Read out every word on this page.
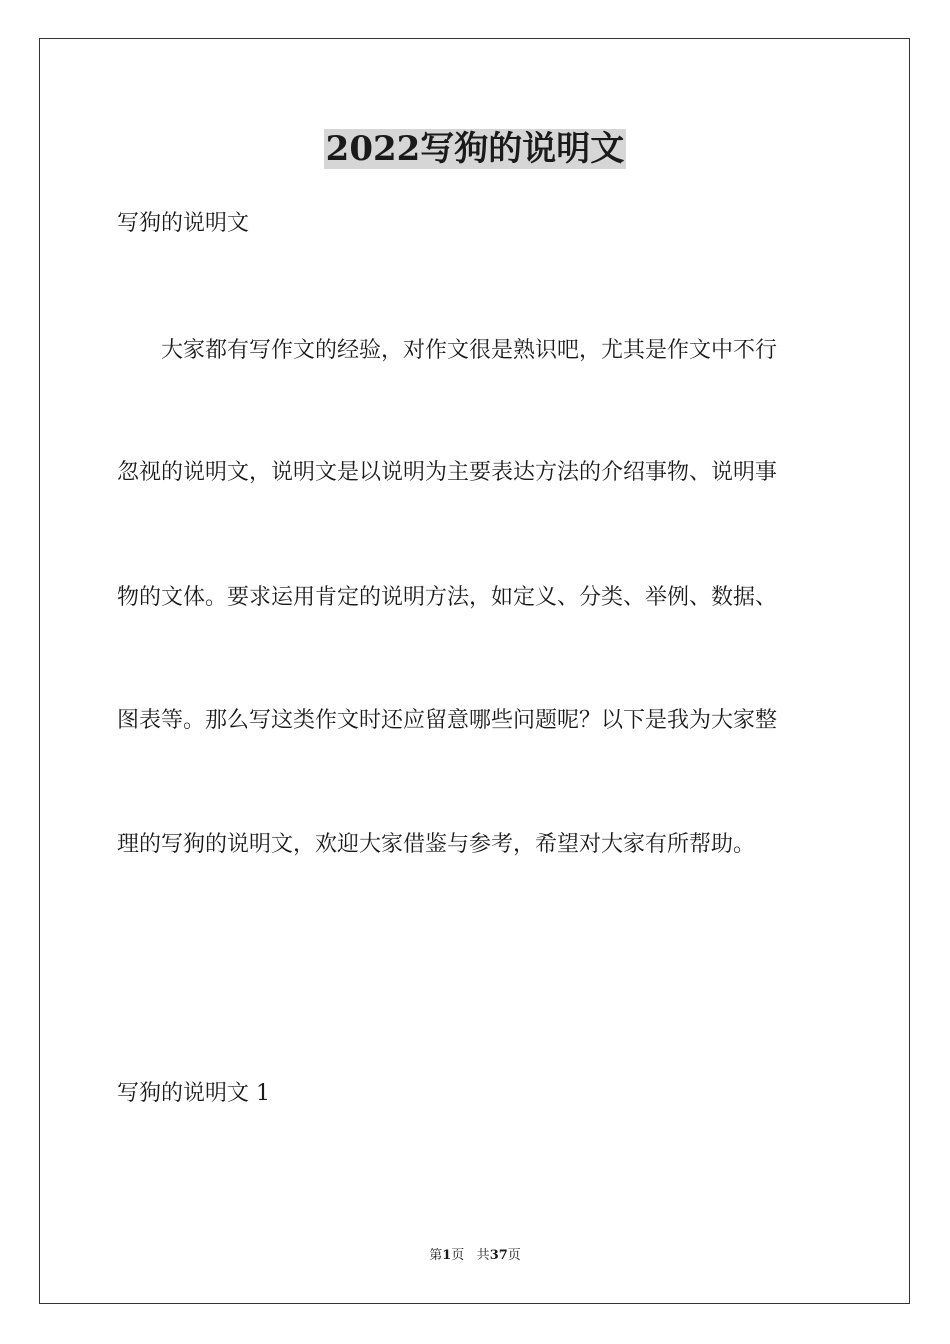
2022写狗的说明文

写狗的说明文

　　大家都有写作文的经验，对作文很是熟识吧，尤其是作文中不行

忽视的说明文，说明文是以说明为主要表达方法的介绍事物、说明事

物的文体。要求运用肯定的说明方法，如定义、分类、举例、数据、

图表等。那么写这类作文时还应留意哪些问题呢？以下是我为大家整

理的写狗的说明文，欢迎大家借鉴与参考，希望对大家有所帮助。

写狗的说明文 1

第1页 共37页
